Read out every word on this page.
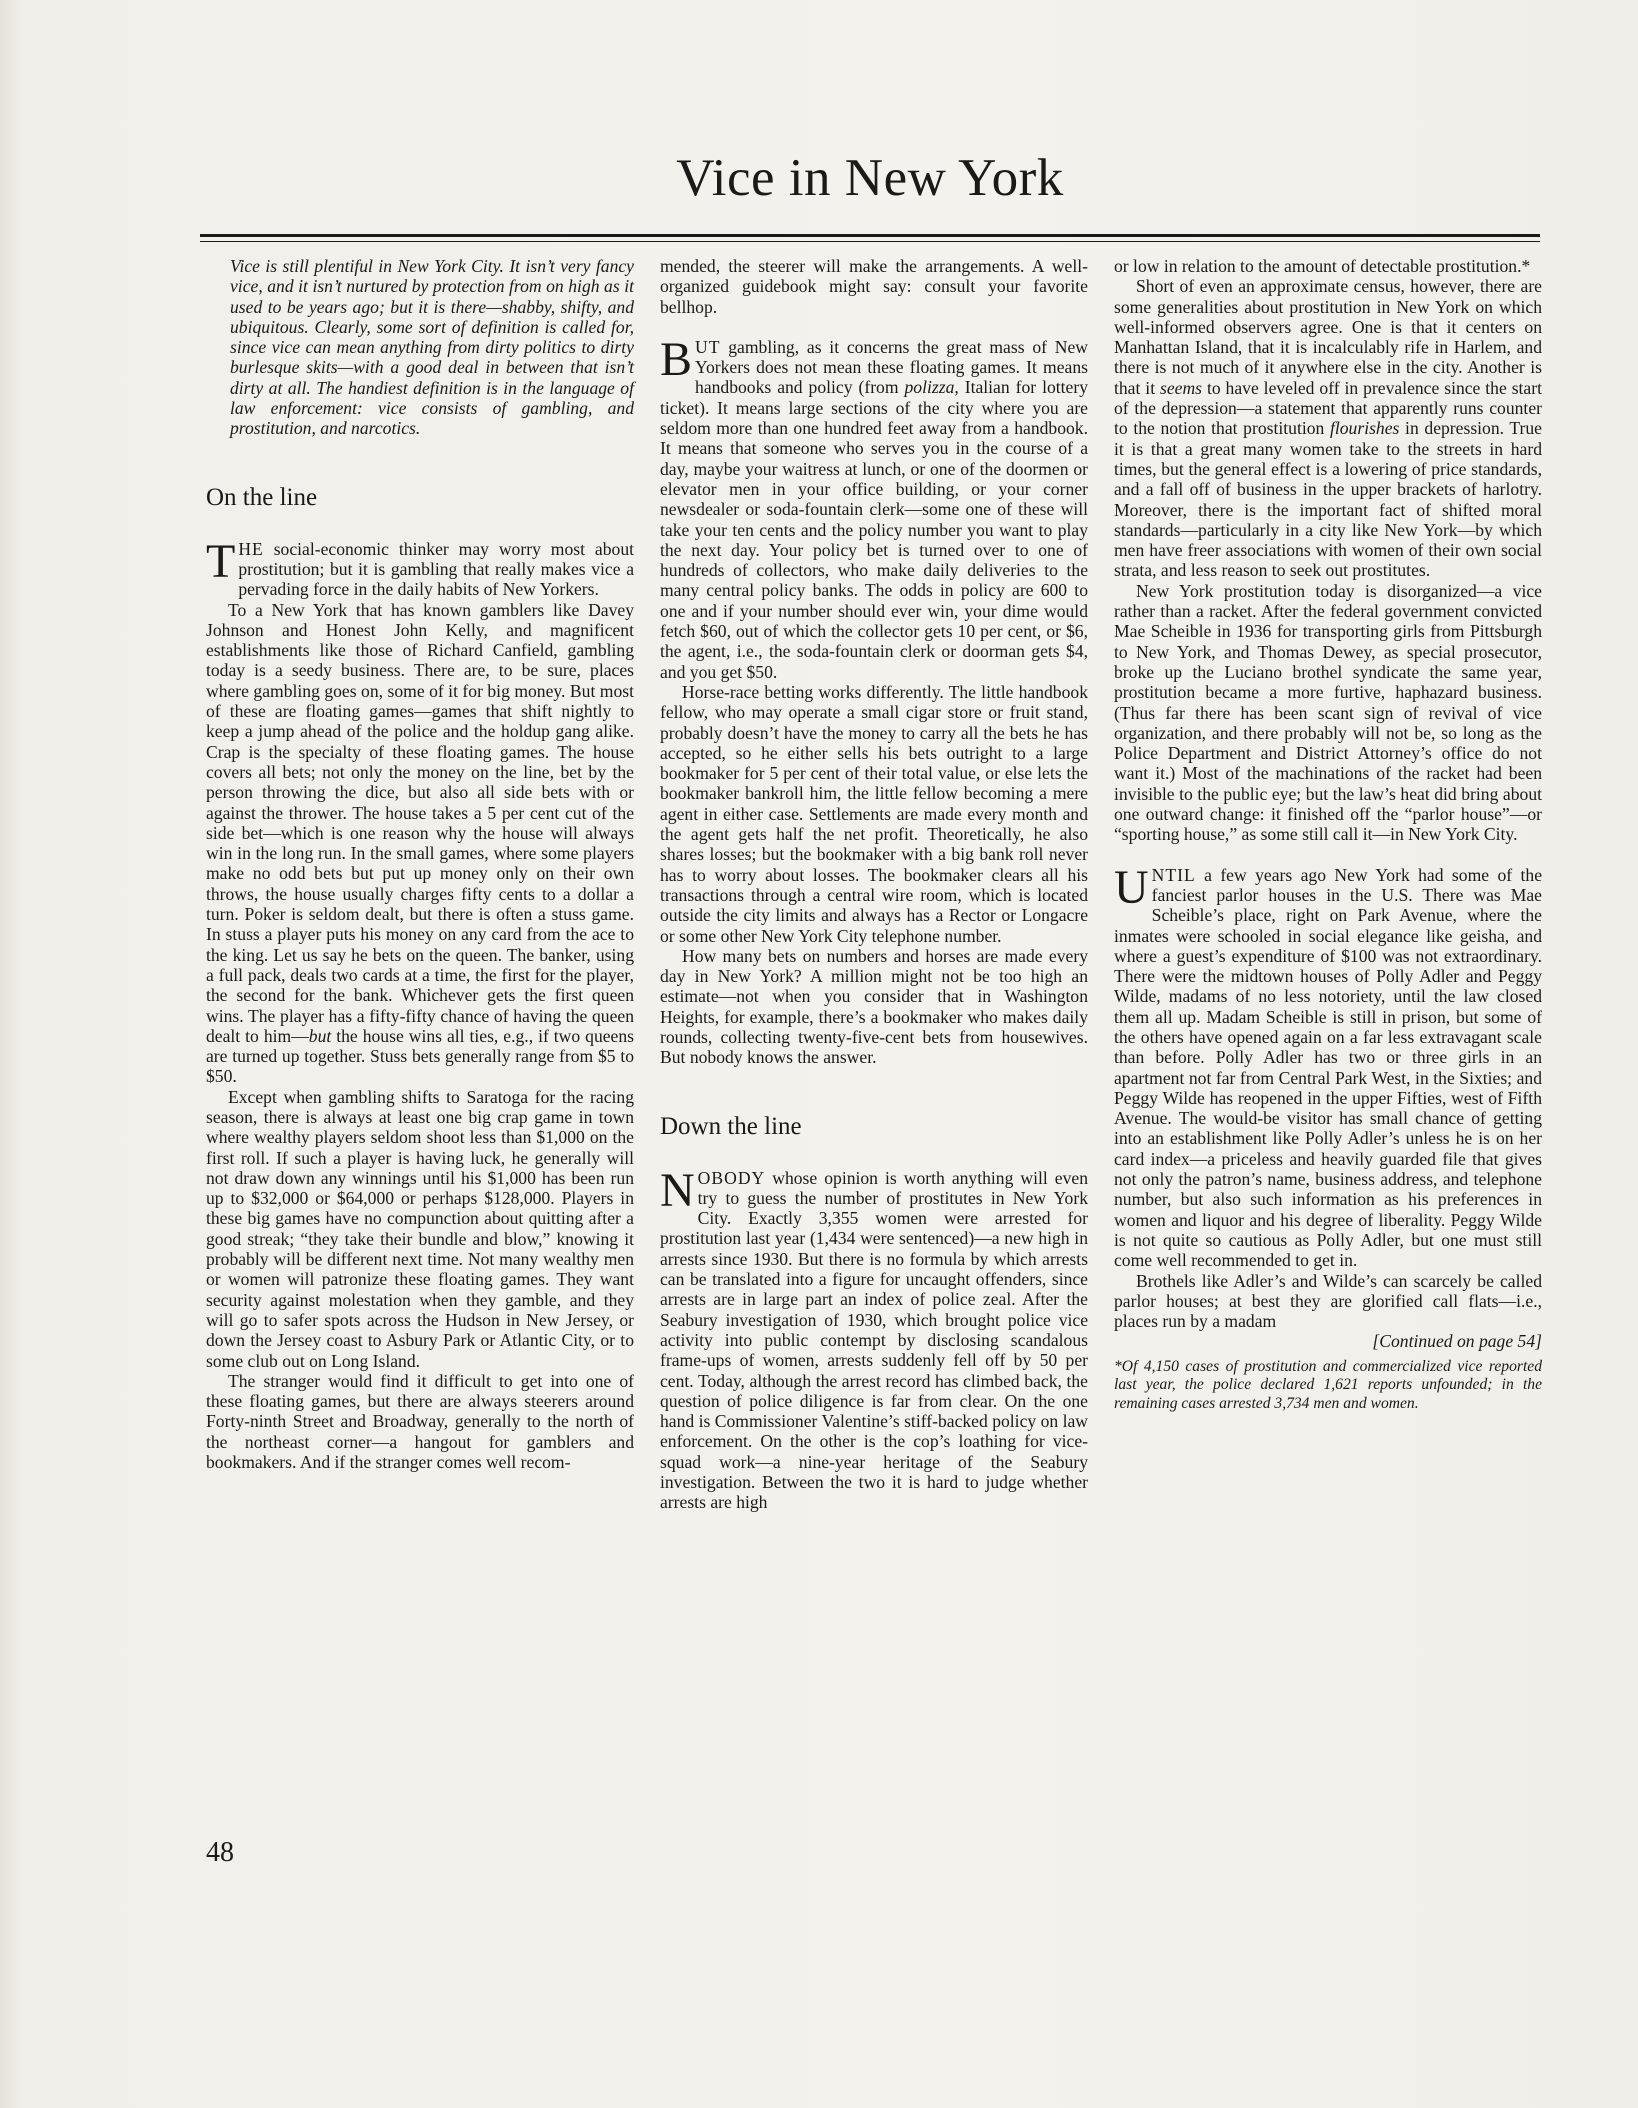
Vice in New York

Vice is still plentiful in New York City. It isn’t very fancy vice, and it isn’t nurtured by protection from on high as it used to be years ago; but it is there—shabby, shifty, and ubiquitous. Clearly, some sort of definition is called for, since vice can mean anything from dirty politics to dirty burlesque skits—with a good deal in between that isn’t dirty at all. The handiest definition is in the language of law enforcement: vice consists of gambling, and prostitution, and narcotics.

On the line

THE social-economic thinker may worry most about prostitution; but it is gambling that really makes vice a pervading force in the daily habits of New Yorkers.

To a New York that has known gamblers like Davey Johnson and Honest John Kelly, and magnificent establishments like those of Richard Canfield, gambling today is a seedy business. There are, to be sure, places where gambling goes on, some of it for big money. But most of these are floating games—games that shift nightly to keep a jump ahead of the police and the holdup gang alike. Crap is the specialty of these floating games. The house covers all bets; not only the money on the line, bet by the person throwing the dice, but also all side bets with or against the thrower. The house takes a 5 per cent cut of the side bet—which is one reason why the house will always win in the long run. In the small games, where some players make no odd bets but put up money only on their own throws, the house usually charges fifty cents to a dollar a turn. Poker is seldom dealt, but there is often a stuss game. In stuss a player puts his money on any card from the ace to the king. Let us say he bets on the queen. The banker, using a full pack, deals two cards at a time, the first for the player, the second for the bank. Whichever gets the first queen wins. The player has a fifty-fifty chance of having the queen dealt to him—but the house wins all ties, e.g., if two queens are turned up together. Stuss bets generally range from $5 to $50.

Except when gambling shifts to Saratoga for the racing season, there is always at least one big crap game in town where wealthy players seldom shoot less than $1,000 on the first roll. If such a player is having luck, he generally will not draw down any winnings until his $1,000 has been run up to $32,000 or $64,000 or perhaps $128,000. Players in these big games have no compunction about quitting after a good streak; “they take their bundle and blow,” knowing it probably will be different next time. Not many wealthy men or women will patronize these floating games. They want security against molestation when they gamble, and they will go to safer spots across the Hudson in New Jersey, or down the Jersey coast to Asbury Park or Atlantic City, or to some club out on Long Island.

The stranger would find it difficult to get into one of these floating games, but there are always steerers around Forty-ninth Street and Broadway, generally to the north of the northeast corner—a hangout for gamblers and bookmakers. And if the stranger comes well recom-

mended, the steerer will make the arrangements. A well-organized guidebook might say: consult your favorite bellhop.

BUT gambling, as it concerns the great mass of New Yorkers does not mean these floating games. It means handbooks and policy (from polizza, Italian for lottery ticket). It means large sections of the city where you are seldom more than one hundred feet away from a handbook. It means that someone who serves you in the course of a day, maybe your waitress at lunch, or one of the doormen or elevator men in your office building, or your corner newsdealer or soda-fountain clerk—some one of these will take your ten cents and the policy number you want to play the next day. Your policy bet is turned over to one of hundreds of collectors, who make daily deliveries to the many central policy banks. The odds in policy are 600 to one and if your number should ever win, your dime would fetch $60, out of which the collector gets 10 per cent, or $6, the agent, i.e., the soda-fountain clerk or doorman gets $4, and you get $50.

Horse-race betting works differently. The little handbook fellow, who may operate a small cigar store or fruit stand, probably doesn’t have the money to carry all the bets he has accepted, so he either sells his bets outright to a large bookmaker for 5 per cent of their total value, or else lets the bookmaker bankroll him, the little fellow becoming a mere agent in either case. Settlements are made every month and the agent gets half the net profit. Theoretically, he also shares losses; but the bookmaker with a big bank roll never has to worry about losses. The bookmaker clears all his transactions through a central wire room, which is located outside the city limits and always has a Rector or Longacre or some other New York City telephone number.

How many bets on numbers and horses are made every day in New York? A million might not be too high an estimate—not when you consider that in Washington Heights, for example, there’s a bookmaker who makes daily rounds, collecting twenty-five-cent bets from housewives. But nobody knows the answer.

Down the line

NOBODY whose opinion is worth anything will even try to guess the number of prostitutes in New York City. Exactly 3,355 women were arrested for prostitution last year (1,434 were sentenced)—a new high in arrests since 1930. But there is no formula by which arrests can be translated into a figure for uncaught offenders, since arrests are in large part an index of police zeal. After the Seabury investigation of 1930, which brought police vice activity into public contempt by disclosing scandalous frame-ups of women, arrests suddenly fell off by 50 per cent. Today, although the arrest record has climbed back, the question of police diligence is far from clear. On the one hand is Commissioner Valentine’s stiff-backed policy on law enforcement. On the other is the cop’s loathing for vice-squad work—a nine-year heritage of the Seabury investigation. Between the two it is hard to judge whether arrests are high

or low in relation to the amount of detectable prostitution.*

Short of even an approximate census, however, there are some generalities about prostitution in New York on which well-informed observers agree. One is that it centers on Manhattan Island, that it is incalculably rife in Harlem, and there is not much of it anywhere else in the city. Another is that it seems to have leveled off in prevalence since the start of the depression—a statement that apparently runs counter to the notion that prostitution flourishes in depression. True it is that a great many women take to the streets in hard times, but the general effect is a lowering of price standards, and a fall off of business in the upper brackets of harlotry. Moreover, there is the important fact of shifted moral standards—particularly in a city like New York—by which men have freer associations with women of their own social strata, and less reason to seek out prostitutes.

New York prostitution today is disorganized—a vice rather than a racket. After the federal government convicted Mae Scheible in 1936 for transporting girls from Pittsburgh to New York, and Thomas Dewey, as special prosecutor, broke up the Luciano brothel syndicate the same year, prostitution became a more furtive, haphazard business. (Thus far there has been scant sign of revival of vice organization, and there probably will not be, so long as the Police Department and District Attorney’s office do not want it.) Most of the machinations of the racket had been invisible to the public eye; but the law’s heat did bring about one outward change: it finished off the “parlor house”—or “sporting house,” as some still call it—in New York City.

UNTIL a few years ago New York had some of the fanciest parlor houses in the U.S. There was Mae Scheible’s place, right on Park Avenue, where the inmates were schooled in social elegance like geisha, and where a guest’s expenditure of $100 was not extraordinary. There were the midtown houses of Polly Adler and Peggy Wilde, madams of no less notoriety, until the law closed them all up. Madam Scheible is still in prison, but some of the others have opened again on a far less extravagant scale than before. Polly Adler has two or three girls in an apartment not far from Central Park West, in the Sixties; and Peggy Wilde has reopened in the upper Fifties, west of Fifth Avenue. The would-be visitor has small chance of getting into an establishment like Polly Adler’s unless he is on her card index—a priceless and heavily guarded file that gives not only the patron’s name, business address, and telephone number, but also such information as his preferences in women and liquor and his degree of liberality. Peggy Wilde is not quite so cautious as Polly Adler, but one must still come well recommended to get in.

Brothels like Adler’s and Wilde’s can scarcely be called parlor houses; at best they are glorified call flats—i.e., places run by a madam

[Continued on page 54]

*Of 4,150 cases of prostitution and commercialized vice reported last year, the police declared 1,621 reports unfounded; in the remaining cases arrested 3,734 men and women.

48
